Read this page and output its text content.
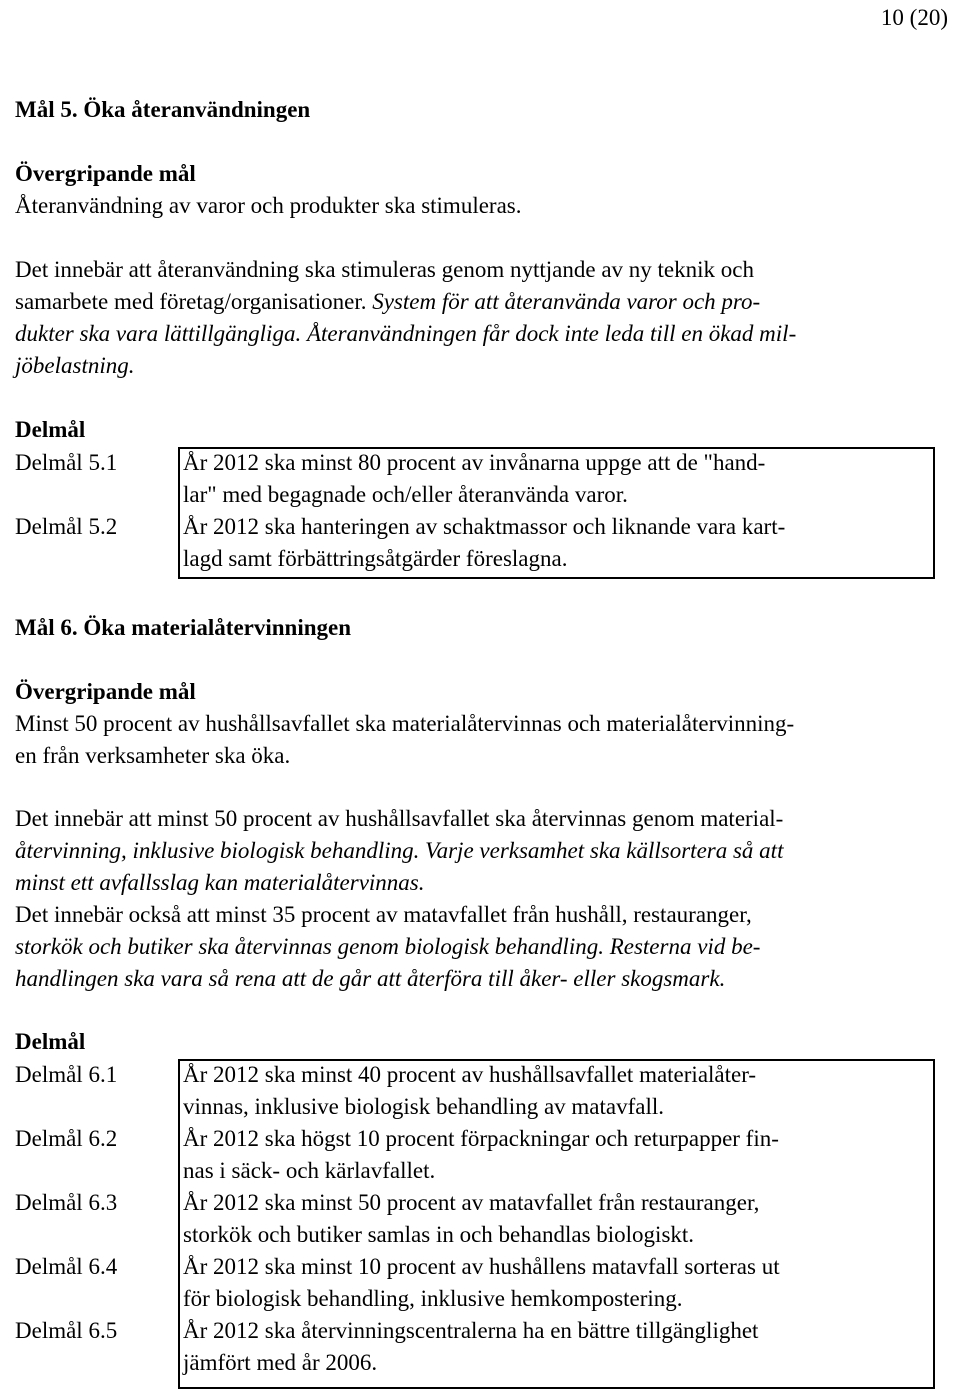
10 (20)

Mål 5. Öka återanvändningen

Övergripande mål

Återanvändning av varor och produkter ska stimuleras.

Det innebär att återanvändning ska stimuleras genom nyttjande av ny teknik och
samarbete med företag/organisationer. System för att återanvända varor och pro-
dukter ska vara lättillgängliga. Återanvändningen får dock inte leda till en ökad mil-
jöbelastning.

Delmål

Delmål 5.1	År 2012 ska minst 80 procent av invånarna uppge att de "hand-
lar" med begagnade och/eller återanvända varor.

Delmål 5.2	År 2012 ska hanteringen av schaktmassor och liknande vara kart-
lagd samt förbättringsåtgärder föreslagna.

Mål 6. Öka materialåtervinningen

Övergripande mål

Minst 50 procent av hushållsavfallet ska materialåtervinnas och materialåtervinning-
en från verksamheter ska öka.
Det innebär att minst 50 procent av hushållsavfallet ska återvinnas genom material-
återvinning, inklusive biologisk behandling. Varje verksamhet ska källsortera så att
minst ett avfallsslag kan materialåtervinnas.
Det innebär också att minst 35 procent av matavfallet från hushåll, restauranger,
storkök och butiker ska återvinnas genom biologisk behandling. Resterna vid be-
handlingen ska vara så rena att de går att återföra till åker- eller skogsmark.

Delmål

Delmål 6.1	År 2012 ska minst 40 procent av hushållsavfallet materialåter-
vinnas, inklusive biologisk behandling av matavfall.

Delmål 6.2	År 2012 ska högst 10 procent förpackningar och returpapper fin-
nas i säck- och kärlavfallet.

Delmål 6.3	År 2012 ska minst 50 procent av matavfallet från restauranger,
storkök och butiker samlas in och behandlas biologiskt.

Delmål 6.4	År 2012 ska minst 10 procent av hushållens matavfall sorteras ut
för biologisk behandling, inklusive hemkompostering.

Delmål 6.5	År 2012 ska återvinningscentralerna ha en bättre tillgänglighet
jämfört med år 2006.
